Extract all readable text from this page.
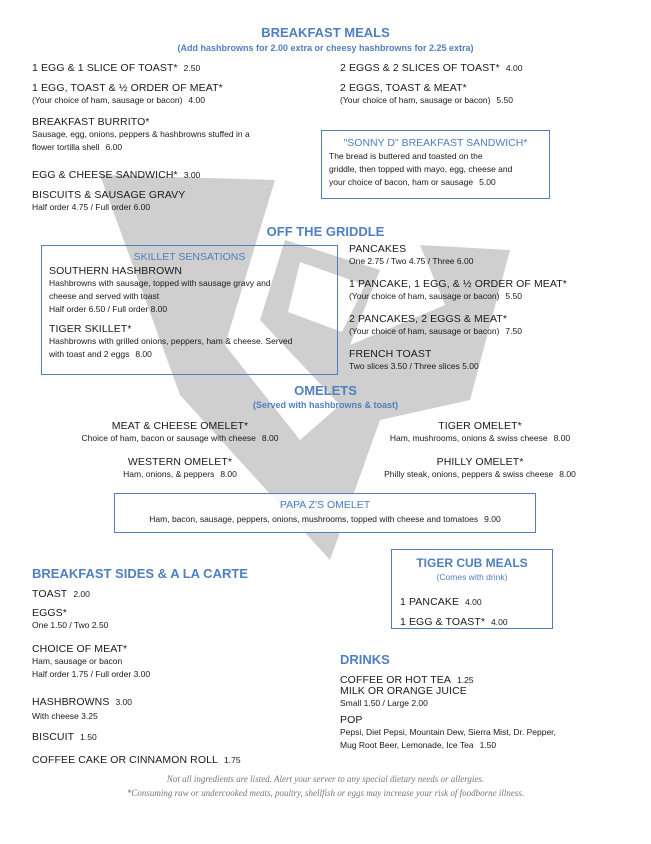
BREAKFAST MEALS
(Add hashbrowns for 2.00 extra or cheesy hashbrowns for 2.25 extra)
1 EGG & 1 SLICE OF TOAST* 2.50
1 EGG, TOAST & ½ ORDER OF MEAT*
(Your choice of ham, sausage or bacon) 4.00
BREAKFAST BURRITO*
Sausage, egg, onions, peppers & hashbrowns stuffed in a
flower tortilla shell 6.00
EGG & CHEESE SANDWICH* 3.00
BISCUITS & SAUSAGE GRAVY
Half order 4.75 / Full order 6.00
2 EGGS & 2 SLICES OF TOAST* 4.00
2 EGGS, TOAST & MEAT*
(Your choice of ham, sausage or bacon) 5.50
"SONNY D" BREAKFAST SANDWICH*
The bread is buttered and toasted on the
griddle, then topped with mayo, egg, cheese and
your choice of bacon, ham or sausage 5.00
OFF THE GRIDDLE
SKILLET SENSATIONS
SOUTHERN HASHBROWN
Hashbrowns with sausage, topped with sausage gravy and
cheese and served with toast
Half order 6.50 / Full order 8.00
TIGER SKILLET*
Hashbrowns with grilled onions, peppers, ham & cheese. Served
with toast and 2 eggs 8.00
PANCAKES
One 2.75 / Two 4.75 / Three 6.00
1 PANCAKE, 1 EGG, & ½ ORDER OF MEAT*
(Your choice of ham, sausage or bacon) 5.50
2 PANCAKES, 2 EGGS & MEAT*
(Your choice of ham, sausage or bacon) 7.50
FRENCH TOAST
Two slices 3.50 / Three slices 5.00
OMELETS
(Served with hashbrowns & toast)
MEAT & CHEESE OMELET*
Choice of ham, bacon or sausage with cheese 8.00
TIGER OMELET*
Ham, mushrooms, onions & swiss cheese 8.00
WESTERN OMELET*
Ham, onions, & peppers 8.00
PHILLY OMELET*
Philly steak, onions, peppers & swiss cheese 8.00
PAPA Z'S OMELET
Ham, bacon, sausage, peppers, onions, mushrooms, topped with cheese and tomatoes 9.00
BREAKFAST SIDES & A LA CARTE
TOAST 2.00
EGGS*
One 1.50 / Two 2.50
CHOICE OF MEAT*
Ham, sausage or bacon
Half order 1.75 / Full order 3.00
HASHBROWNS 3.00
With cheese 3.25
BISCUIT 1.50
COFFEE CAKE OR CINNAMON ROLL 1.75
TIGER CUB MEALS
(Comes with drink)
1 PANCAKE 4.00
1 EGG & TOAST* 4.00
DRINKS
COFFEE OR HOT TEA 1.25
MILK OR ORANGE JUICE
Small 1.50 / Large 2.00
POP
Pepsi, Diet Pepsi, Mountain Dew, Sierra Mist, Dr. Pepper,
Mug Root Beer, Lemonade, Ice Tea 1.50
Not all ingredients are listed. Alert your server to any special dietary needs or allergies.
*Consuming raw or undercooked meats, poultry, shellfish or eggs may increase your risk of foodborne illness.
